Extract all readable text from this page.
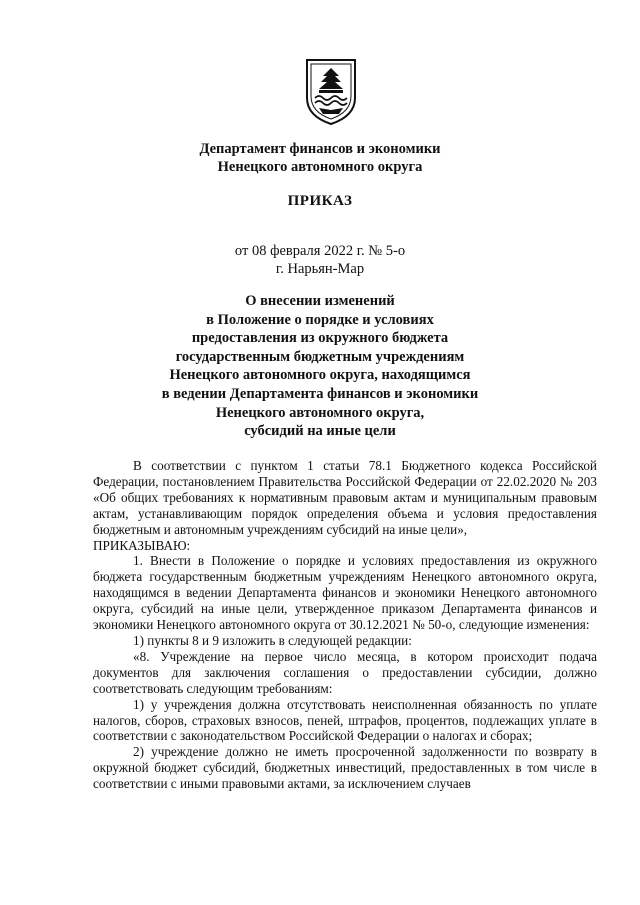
Департамент финансов и экономики
Ненецкого автономного округа
ПРИКАЗ
от 08 февраля 2022 г. № 5-о
г. Нарьян-Мар
О внесении изменений
в Положение о порядке и условиях
предоставления из окружного бюджета
государственным бюджетным учреждениям
Ненецкого автономного округа, находящимся
в ведении Департамента финансов и экономики
Ненецкого автономного округа,
субсидий на иные цели

В соответствии с пунктом 1 статьи 78.1 Бюджетного кодекса Российской Федерации, постановлением Правительства Российской Федерации от 22.02.2020 № 203 «Об общих требованиях к нормативным правовым актам и муниципальным правовым актам, устанавливающим порядок определения объема и условия предоставления бюджетным и автономным учреждениям субсидий на иные цели»,

ПРИКАЗЫВАЮ:

1. Внести в Положение о порядке и условиях предоставления из окружного бюджета государственным бюджетным учреждениям Ненецкого автономного округа, находящимся в ведении Департамента финансов и экономики Ненецкого автономного округа, субсидий на иные цели, утвержденное приказом Департамента финансов и экономики Ненецкого автономного округа от 30.12.2021 № 50-о, следующие изменения:

1) пункты 8 и 9 изложить в следующей редакции:

«8. Учреждение на первое число месяца, в котором происходит подача документов для заключения соглашения о предоставлении субсидии, должно соответствовать следующим требованиям:

1) у учреждения должна отсутствовать неисполненная обязанность по уплате налогов, сборов, страховых взносов, пеней, штрафов, процентов, подлежащих уплате в соответствии с законодательством Российской Федерации о налогах и сборах;

2) учреждение должно не иметь просроченной задолженности по возврату в окружной бюджет субсидий, бюджетных инвестиций, предоставленных в том числе в соответствии с иными правовыми актами, за исключением случаев
